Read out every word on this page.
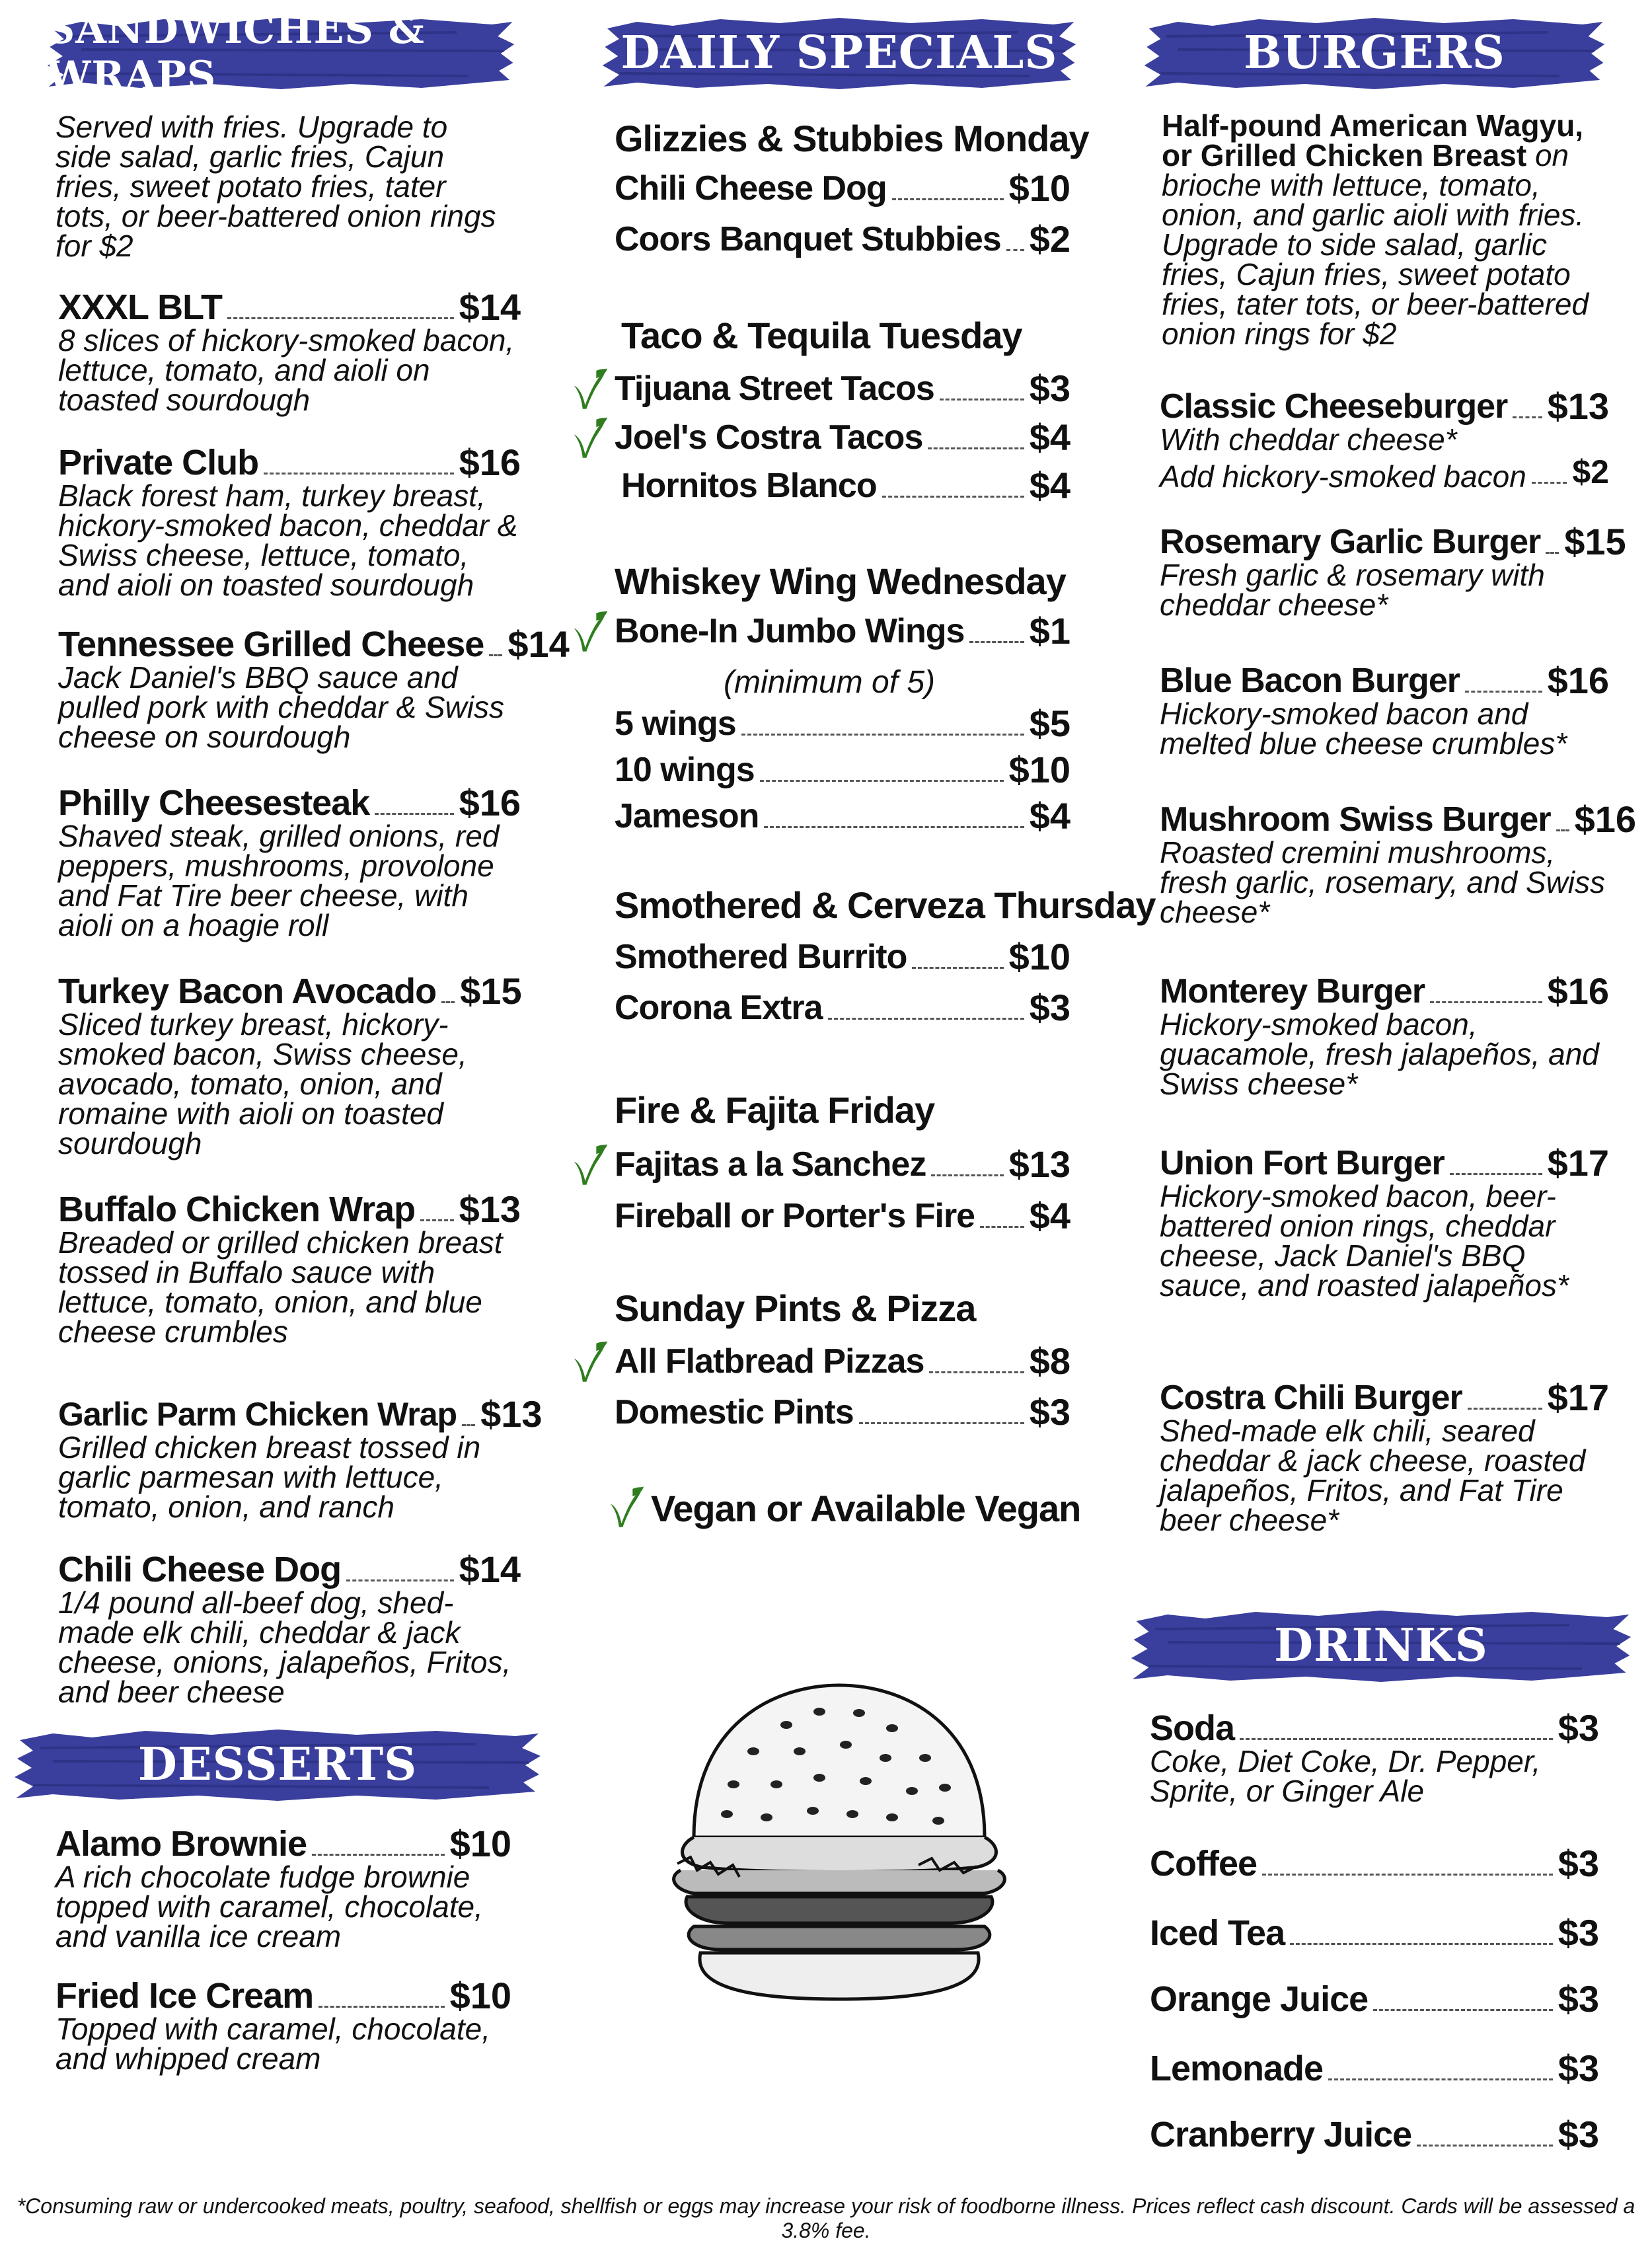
SANDWICHES & WRAPS
Served with fries. Upgrade to side salad, garlic fries, Cajun fries, sweet potato fries, tater tots, or beer-battered onion rings for $2
XXXL BLT	$14
8 slices of hickory-smoked bacon, lettuce, tomato, and aioli on toasted sourdough
Private Club	$16
Black forest ham, turkey breast, hickory-smoked bacon, cheddar & Swiss cheese, lettuce, tomato, and aioli on toasted sourdough
Tennessee Grilled Cheese $14
Jack Daniel's BBQ sauce and pulled pork with cheddar & Swiss cheese on sourdough
Philly Cheesesteak $16
Shaved steak, grilled onions, red peppers, mushrooms, provolone and Fat Tire beer cheese, with aioli on a hoagie roll
Turkey Bacon Avocado $15
Sliced turkey breast, hickory-smoked bacon, Swiss cheese, avocado, tomato, onion, and romaine with aioli on toasted sourdough
Buffalo Chicken Wrap $13
Breaded or grilled chicken breast tossed in Buffalo sauce with lettuce, tomato, onion, and blue cheese crumbles
Garlic Parm Chicken Wrap $13
Grilled chicken breast tossed in garlic parmesan with lettuce, tomato, onion, and ranch
Chili Cheese Dog	$14
1/4 pound all-beef dog, shed-made elk chili, cheddar & jack cheese, onions, jalapeños, Fritos, and beer cheese
DESSERTS
Alamo Brownie	$10
A rich chocolate fudge brownie topped with caramel, chocolate, and vanilla ice cream
Fried Ice Cream	$10
Topped with caramel, chocolate, and whipped cream
DAILY SPECIALS
Glizzies & Stubbies Monday
Chili Cheese Dog	$10
Coors Banquet Stubbies $2
Taco & Tequila Tuesday
Tijuana Street Tacos	$3
Joel's Costra Tacos	$4
Hornitos Blanco	$4
Whiskey Wing Wednesday
Bone-In Jumbo Wings $1
5 wings	$5
10 wings	$10
Jameson	$4
(minimum of 5)
Smothered & Cerveza Thursday
Smothered Burrito	$10
Corona Extra	$3
Fire & Fajita Friday
Fajitas a la Sanchez $13
Fireball or Porter's Fire $4
Sunday Pints & Pizza
All Flatbread Pizzas	$8
Domestic Pints	$3
Vegan or Available Vegan
BURGERS
Half-pound American Wagyu, or Grilled Chicken Breast on brioche with lettuce, tomato, onion, and garlic aioli with fries. Upgrade to side salad, garlic fries, Cajun fries, sweet potato fries, tater tots, or beer-battered onion rings for $2
Classic Cheeseburger $13
With cheddar cheese*
Add hickory-smoked bacon $2
Rosemary Garlic Burger $15
Fresh garlic & rosemary with cheddar cheese*
Blue Bacon Burger $16
Hickory-smoked bacon and melted blue cheese crumbles*
Mushroom Swiss Burger $16
Roasted cremini mushrooms, fresh garlic, rosemary, and Swiss cheese*
Monterey Burger	$16
Hickory-smoked bacon, guacamole, fresh jalapeños, and Swiss cheese*
Union Fort Burger	$17
Hickory-smoked bacon, beer-battered onion rings, cheddar cheese, Jack Daniel's BBQ sauce, and roasted jalapeños*
Costra Chili Burger $17
Shed-made elk chili, seared cheddar & jack cheese, roasted jalapeños, Fritos, and Fat Tire beer cheese*
DRINKS
Soda	$3
Coke, Diet Coke, Dr. Pepper, Sprite, or Ginger Ale
Coffee	$3
Iced Tea	$3
Orange Juice	$3
Lemonade	$3
Cranberry Juice	$3
*Consuming raw or undercooked meats, poultry, seafood, shellfish or eggs may increase your risk of foodborne illness. Prices reflect cash discount. Cards will be assessed a 3.8% fee.
